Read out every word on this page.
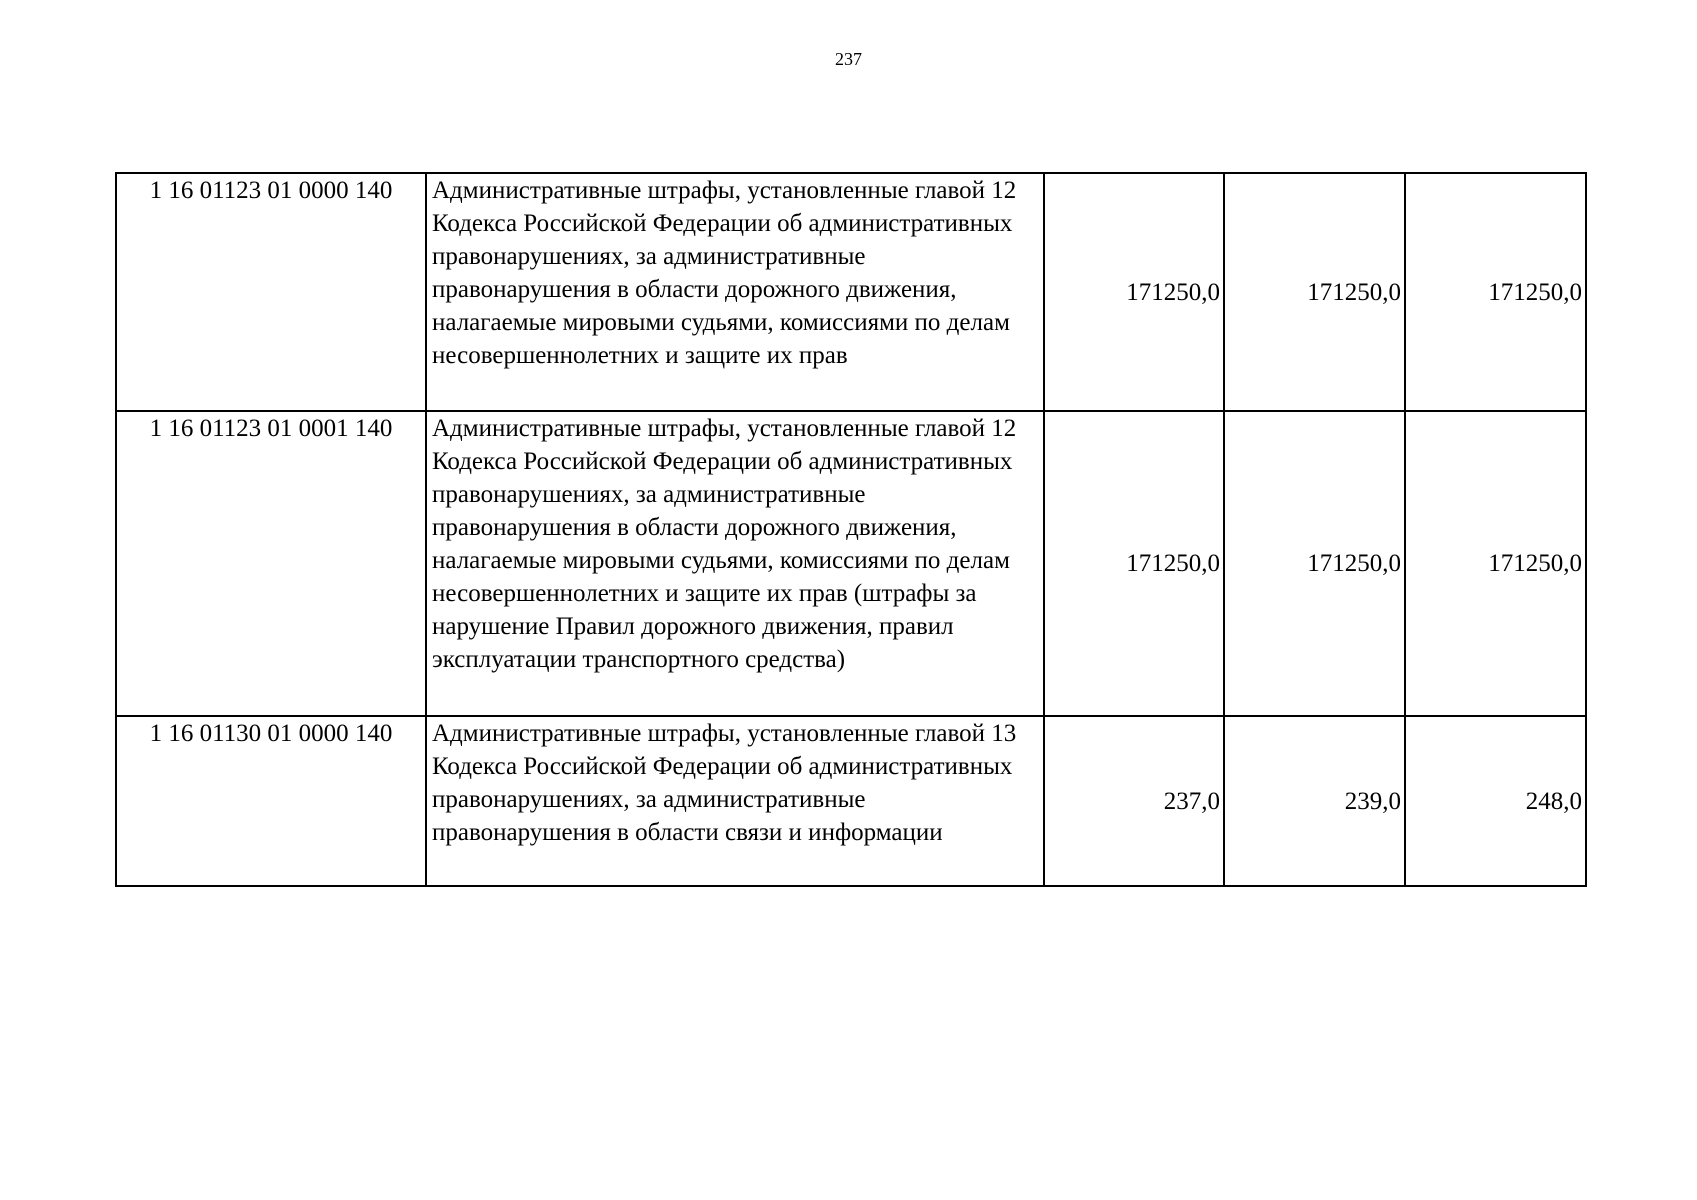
237
1 16 01123 01 0000 140	Административные штрафы, установленные главой 12 Кодекса Российской Федерации об административных правонарушениях, за административные правонарушения в области дорожного движения, налагаемые мировыми судьями, комиссиями по делам несовершеннолетних и защите их прав	171250,0	171250,0	171250,0
1 16 01123 01 0001 140	Административные штрафы, установленные главой 12 Кодекса Российской Федерации об административных правонарушениях, за административные правонарушения в области дорожного движения, налагаемые мировыми судьями, комиссиями по делам несовершеннолетних и защите их прав (штрафы за нарушение Правил дорожного движения, правил эксплуатации транспортного средства)	171250,0	171250,0	171250,0
1 16 01130 01 0000 140	Административные штрафы, установленные главой 13 Кодекса Российской Федерации об административных правонарушениях, за административные правонарушения в области связи и информации	237,0	239,0	248,0
